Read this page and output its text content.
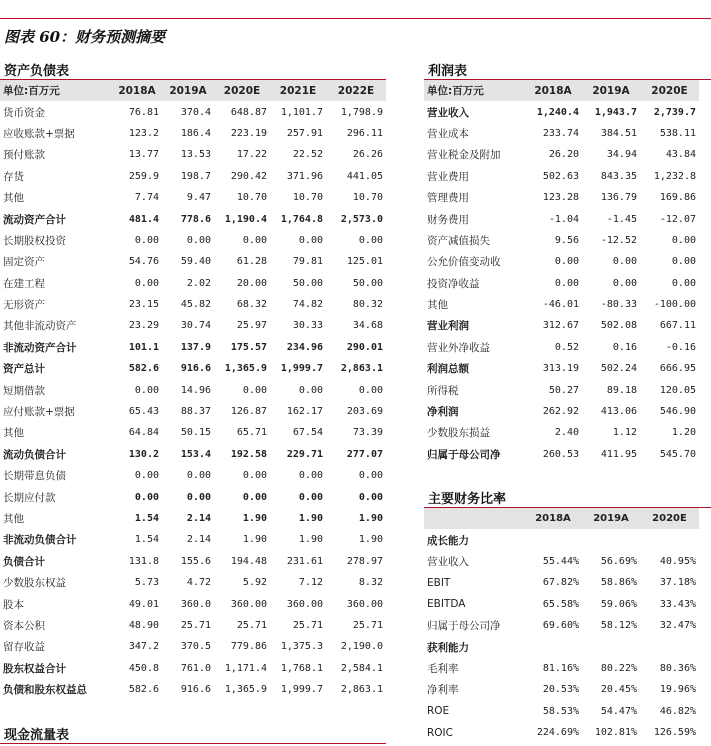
图表 60：财务预测摘要
资产负债表
单位:百万元	2018A	2019A	2020E	2021E	2022E
货币资金	76.81	370.4	648.87	1,101.7	1,798.9
应收账款+票据	123.2	186.4	223.19	257.91	296.11
预付账款	13.77	13.53	17.22	22.52	26.26
存货	259.9	198.7	290.42	371.96	441.05
其他	7.74	9.47	10.70	10.70	10.70
流动资产合计	481.4	778.6	1,190.4	1,764.8	2,573.0
长期股权投资	0.00	0.00	0.00	0.00	0.00
固定资产	54.76	59.40	61.28	79.81	125.01
在建工程	0.00	2.02	20.00	50.00	50.00
无形资产	23.15	45.82	68.32	74.82	80.32
其他非流动资产	23.29	30.74	25.97	30.33	34.68
非流动资产合计	101.1	137.9	175.57	234.96	290.01
资产总计	582.6	916.6	1,365.9	1,999.7	2,863.1
短期借款	0.00	14.96	0.00	0.00	0.00
应付账款+票据	65.43	88.37	126.87	162.17	203.69
其他	64.84	50.15	65.71	67.54	73.39
流动负债合计	130.2	153.4	192.58	229.71	277.07
长期带息负债	0.00	0.00	0.00	0.00	0.00
长期应付款	0.00	0.00	0.00	0.00	0.00
其他	1.54	2.14	1.90	1.90	1.90
非流动负债合计	1.54	2.14	1.90	1.90	1.90
负债合计	131.8	155.6	194.48	231.61	278.97
少数股东权益	5.73	4.72	5.92	7.12	8.32
股本	49.01	360.0	360.00	360.00	360.00
资本公积	48.90	25.71	25.71	25.71	25.71
留存收益	347.2	370.5	779.86	1,375.3	2,190.0
股东权益合计	450.8	761.0	1,171.4	1,768.1	2,584.1
负债和股东权益总	582.6	916.6	1,365.9	1,999.7	2,863.1
利润表
单位:百万元	2018A	2019A	2020E
营业收入	1,240.4	1,943.7	2,739.7
营业成本	233.74	384.51	538.11
营业税金及附加	26.20	34.94	43.84
营业费用	502.63	843.35	1,232.8
管理费用	123.28	136.79	169.86
财务费用	-1.04	-1.45	-12.07
资产减值损失	9.56	-12.52	0.00
公允价值变动收	0.00	0.00	0.00
投资净收益	0.00	0.00	0.00
其他	-46.01	-80.33	-100.00
营业利润	312.67	502.08	667.11
营业外净收益	0.52	0.16	-0.16
利润总额	313.19	502.24	666.95
所得税	50.27	89.18	120.05
净利润	262.92	413.06	546.90
少数股东损益	2.40	1.12	1.20
归属于母公司净	260.53	411.95	545.70
主要财务比率
	2018A	2019A	2020E
成长能力			
营业收入	55.44%	56.69%	40.95%
EBIT	67.82%	58.86%	37.18%
EBITDA	65.58%	59.06%	33.43%
归属于母公司净	69.60%	58.12%	32.47%
获利能力			
毛利率	81.16%	80.22%	80.36%
净利率	20.53%	20.45%	19.96%
ROE	58.53%	54.47%	46.82%
ROIC	224.69%	102.81%	126.59%
现金流量表
